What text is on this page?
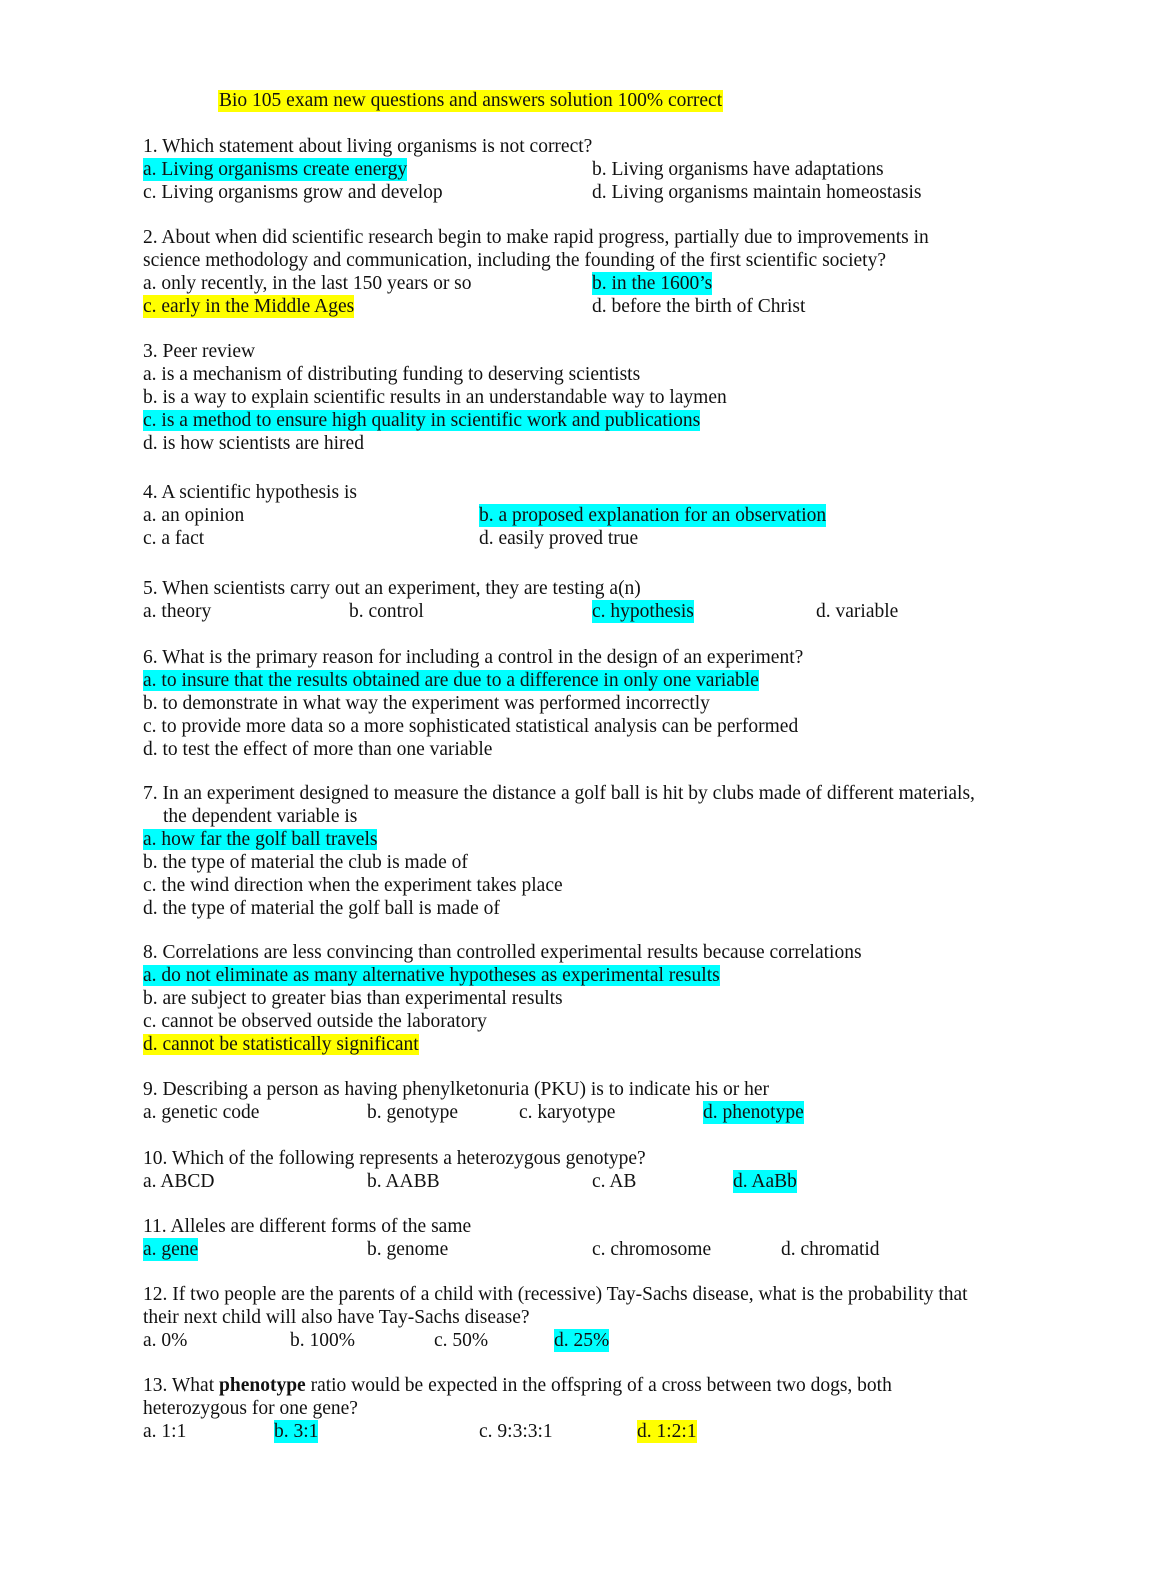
Bio 105 exam new questions and answers solution 100% correct
1. Which statement about living organisms is not correct?
a. Living organisms create energy	b. Living organisms have adaptations
c. Living organisms grow and develop	d. Living organisms maintain homeostasis
2. About when did scientific research begin to make rapid progress, partially due to improvements in
science methodology and communication, including the founding of the first scientific society?
a. only recently, in the last 150 years or so	b. in the 1600’s
c. early in the Middle Ages	d. before the birth of Christ
3. Peer review
a. is a mechanism of distributing funding to deserving scientists
b. is a way to explain scientific results in an understandable way to laymen
c. is a method to ensure high quality in scientific work and publications
d. is how scientists are hired
4. A scientific hypothesis is
a. an opinion	b. a proposed explanation for an observation
c. a fact	d. easily proved true
5. When scientists carry out an experiment, they are testing a(n)
a. theory	b. control	c. hypothesis	d. variable
6. What is the primary reason for including a control in the design of an experiment?
a. to insure that the results obtained are due to a difference in only one variable
b. to demonstrate in what way the experiment was performed incorrectly
c. to provide more data so a more sophisticated statistical analysis can be performed
d. to test the effect of more than one variable
7. In an experiment designed to measure the distance a golf ball is hit by clubs made of different materials,
the dependent variable is
a. how far the golf ball travels
b. the type of material the club is made of
c. the wind direction when the experiment takes place
d. the type of material the golf ball is made of
8. Correlations are less convincing than controlled experimental results because correlations
a. do not eliminate as many alternative hypotheses as experimental results
b. are subject to greater bias than experimental results
c. cannot be observed outside the laboratory
d. cannot be statistically significant
9. Describing a person as having phenylketonuria (PKU) is to indicate his or her
a. genetic code	b. genotype	c. karyotype	d. phenotype
10. Which of the following represents a heterozygous genotype?
a. ABCD	b. AABB	c. AB	d. AaBb
11. Alleles are different forms of the same
a. gene	b. genome	c. chromosome	d. chromatid
12. If two people are the parents of a child with (recessive) Tay-Sachs disease, what is the probability that
their next child will also have Tay-Sachs disease?
a. 0%	b. 100%	c. 50%	d. 25%
13. What phenotype ratio would be expected in the offspring of a cross between two dogs, both
heterozygous for one gene?
a. 1:1	b. 3:1	c. 9:3:3:1	d. 1:2:1
